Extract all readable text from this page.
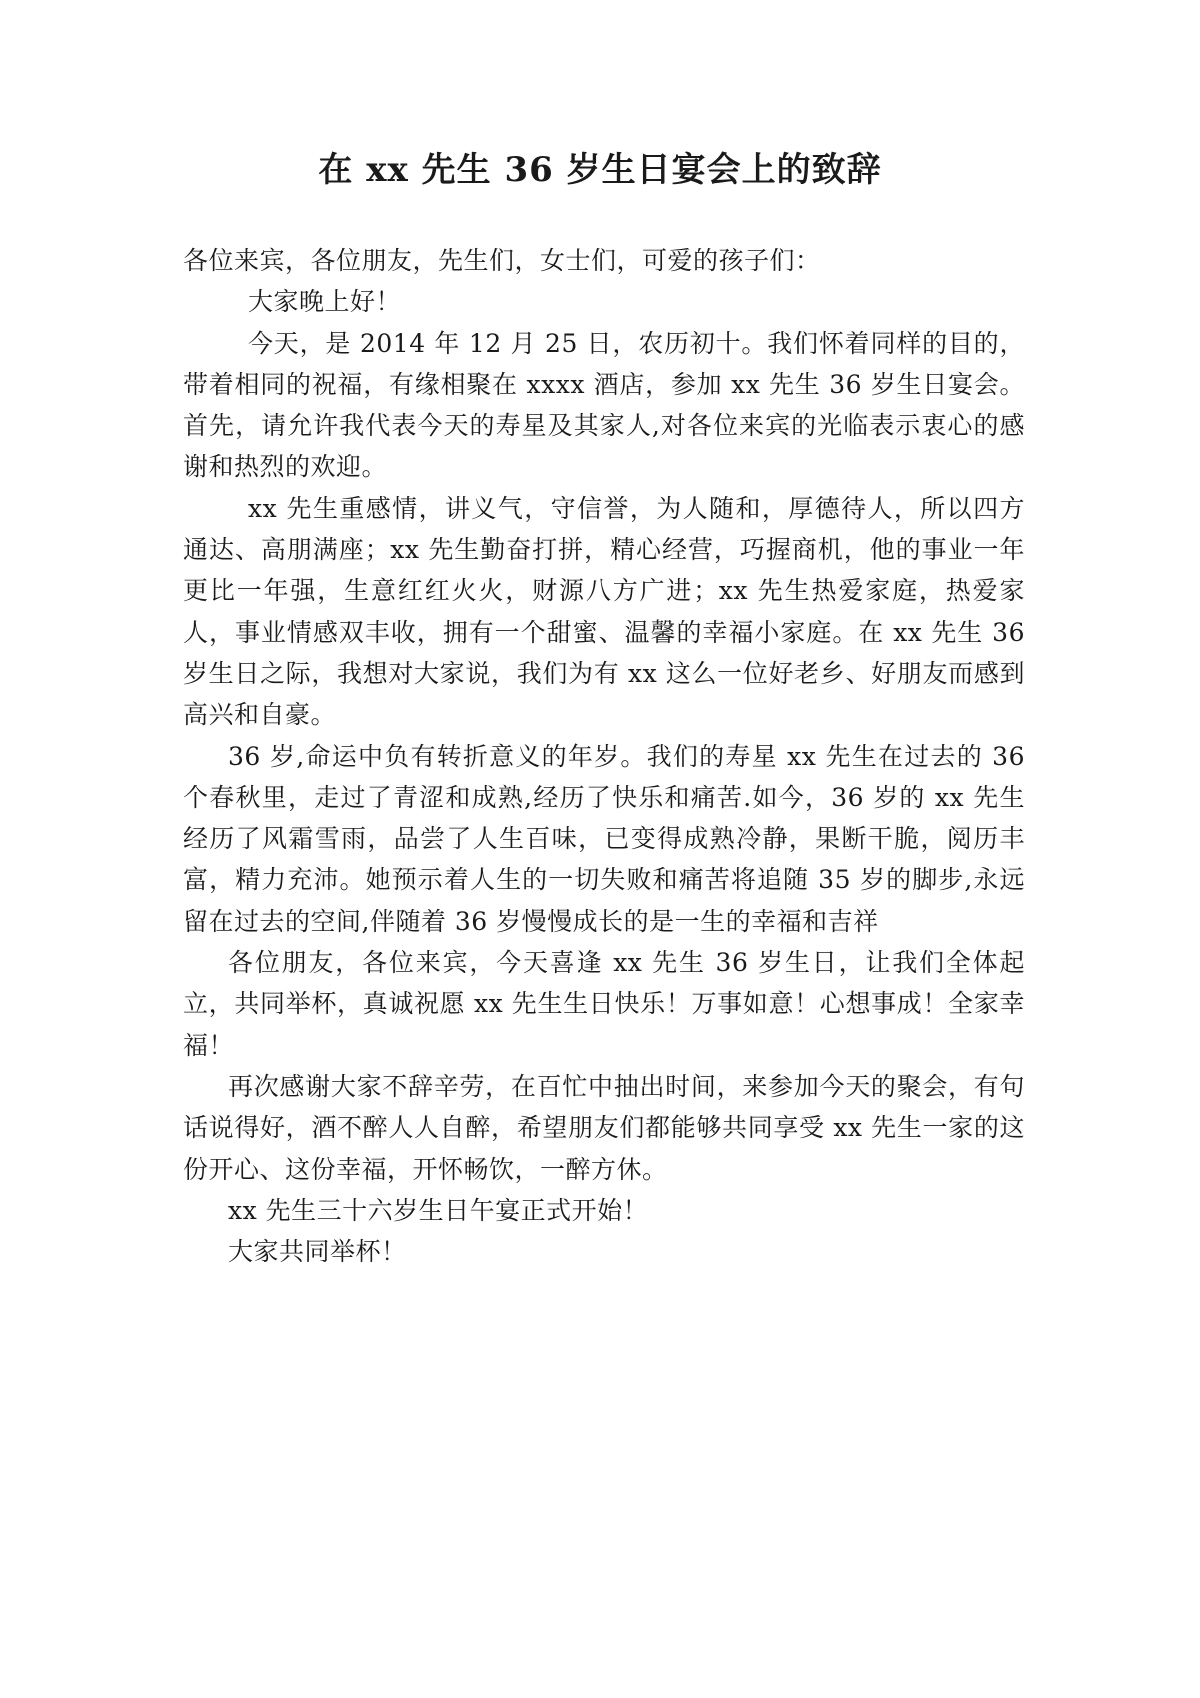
在 xx 先生 36 岁生日宴会上的致辞

各位来宾，各位朋友，先生们，女士们，可爱的孩子们：

大家晚上好！

今天，是 2014 年 12 月 25 日，农历初十。我们怀着同样的目的，带着相同的祝福，有缘相聚在 xxxx 酒店，参加 xx 先生 36 岁生日宴会。首先，请允许我代表今天的寿星及其家人,对各位来宾的光临表示衷心的感谢和热烈的欢迎。

xx 先生重感情，讲义气，守信誉，为人随和，厚德待人，所以四方通达、高朋满座；xx 先生勤奋打拼，精心经营，巧握商机，他的事业一年更比一年强，生意红红火火，财源八方广进；xx 先生热爱家庭，热爱家人，事业情感双丰收，拥有一个甜蜜、温馨的幸福小家庭。在 xx 先生 36 岁生日之际，我想对大家说，我们为有 xx 这么一位好老乡、好朋友而感到高兴和自豪。

36 岁,命运中负有转折意义的年岁。我们的寿星 xx 先生在过去的 36 个春秋里，走过了青涩和成熟,经历了快乐和痛苦.如今，36 岁的 xx 先生经历了风霜雪雨，品尝了人生百味，已变得成熟冷静，果断干脆，阅历丰富，精力充沛。她预示着人生的一切失败和痛苦将追随 35 岁的脚步,永远留在过去的空间,伴随着 36 岁慢慢成长的是一生的幸福和吉祥

各位朋友，各位来宾，今天喜逢 xx 先生 36 岁生日，让我们全体起立，共同举杯，真诚祝愿 xx 先生生日快乐！万事如意！心想事成！全家幸福！

再次感谢大家不辞辛劳，在百忙中抽出时间，来参加今天的聚会，有句话说得好，酒不醉人人自醉，希望朋友们都能够共同享受 xx 先生一家的这份开心、这份幸福，开怀畅饮，一醉方休。

xx 先生三十六岁生日午宴正式开始！

大家共同举杯！
